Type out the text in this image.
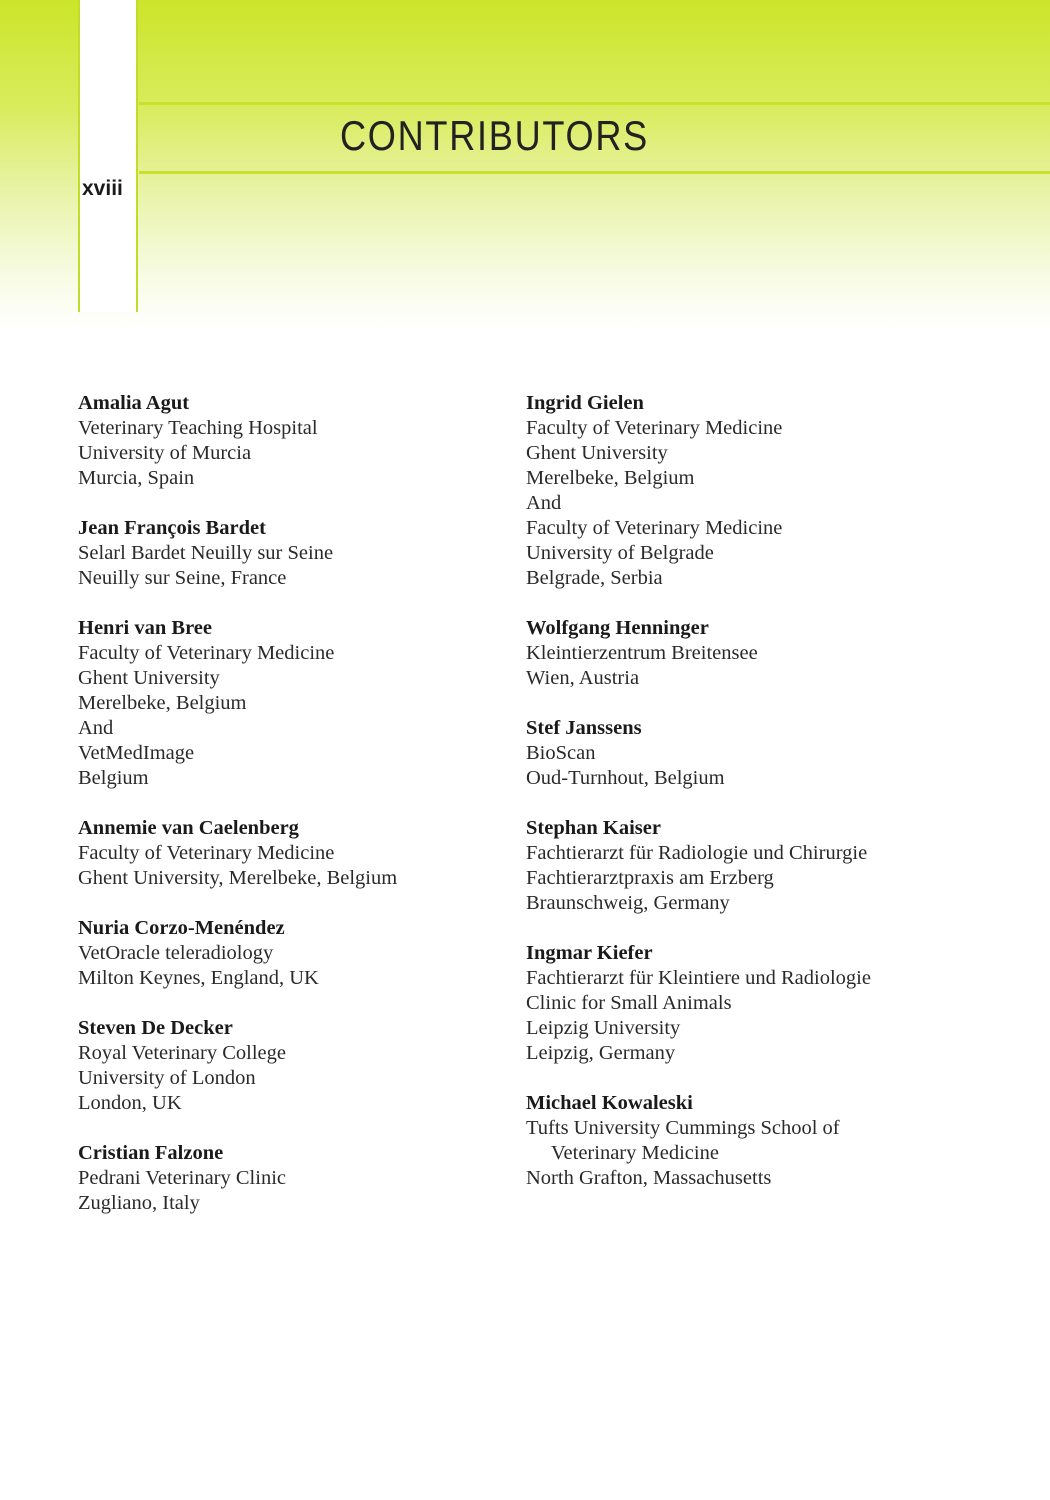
CONTRIBUTORS
xviii
Amalia Agut
Veterinary Teaching Hospital
University of Murcia
Murcia, Spain
Jean François Bardet
Selarl Bardet Neuilly sur Seine
Neuilly sur Seine, France
Henri van Bree
Faculty of Veterinary Medicine
Ghent University
Merelbeke, Belgium
And
VetMedImage
Belgium
Annemie van Caelenberg
Faculty of Veterinary Medicine
Ghent University, Merelbeke, Belgium
Nuria Corzo-Menéndez
VetOracle teleradiology
Milton Keynes, England, UK
Steven De Decker
Royal Veterinary College
University of London
London, UK
Cristian Falzone
Pedrani Veterinary Clinic
Zugliano, Italy
Ingrid Gielen
Faculty of Veterinary Medicine
Ghent University
Merelbeke, Belgium
And
Faculty of Veterinary Medicine
University of Belgrade
Belgrade, Serbia
Wolfgang Henninger
Kleintierzentrum Breitensee
Wien, Austria
Stef Janssens
BioScan
Oud-Turnhout, Belgium
Stephan Kaiser
Fachtierarzt für Radiologie und Chirurgie
Fachtierarztpraxis am Erzberg
Braunschweig, Germany
Ingmar Kiefer
Fachtierarzt für Kleintiere und Radiologie
Clinic for Small Animals
Leipzig University
Leipzig, Germany
Michael Kowaleski
Tufts University Cummings School of
Veterinary Medicine
North Grafton, Massachusetts
